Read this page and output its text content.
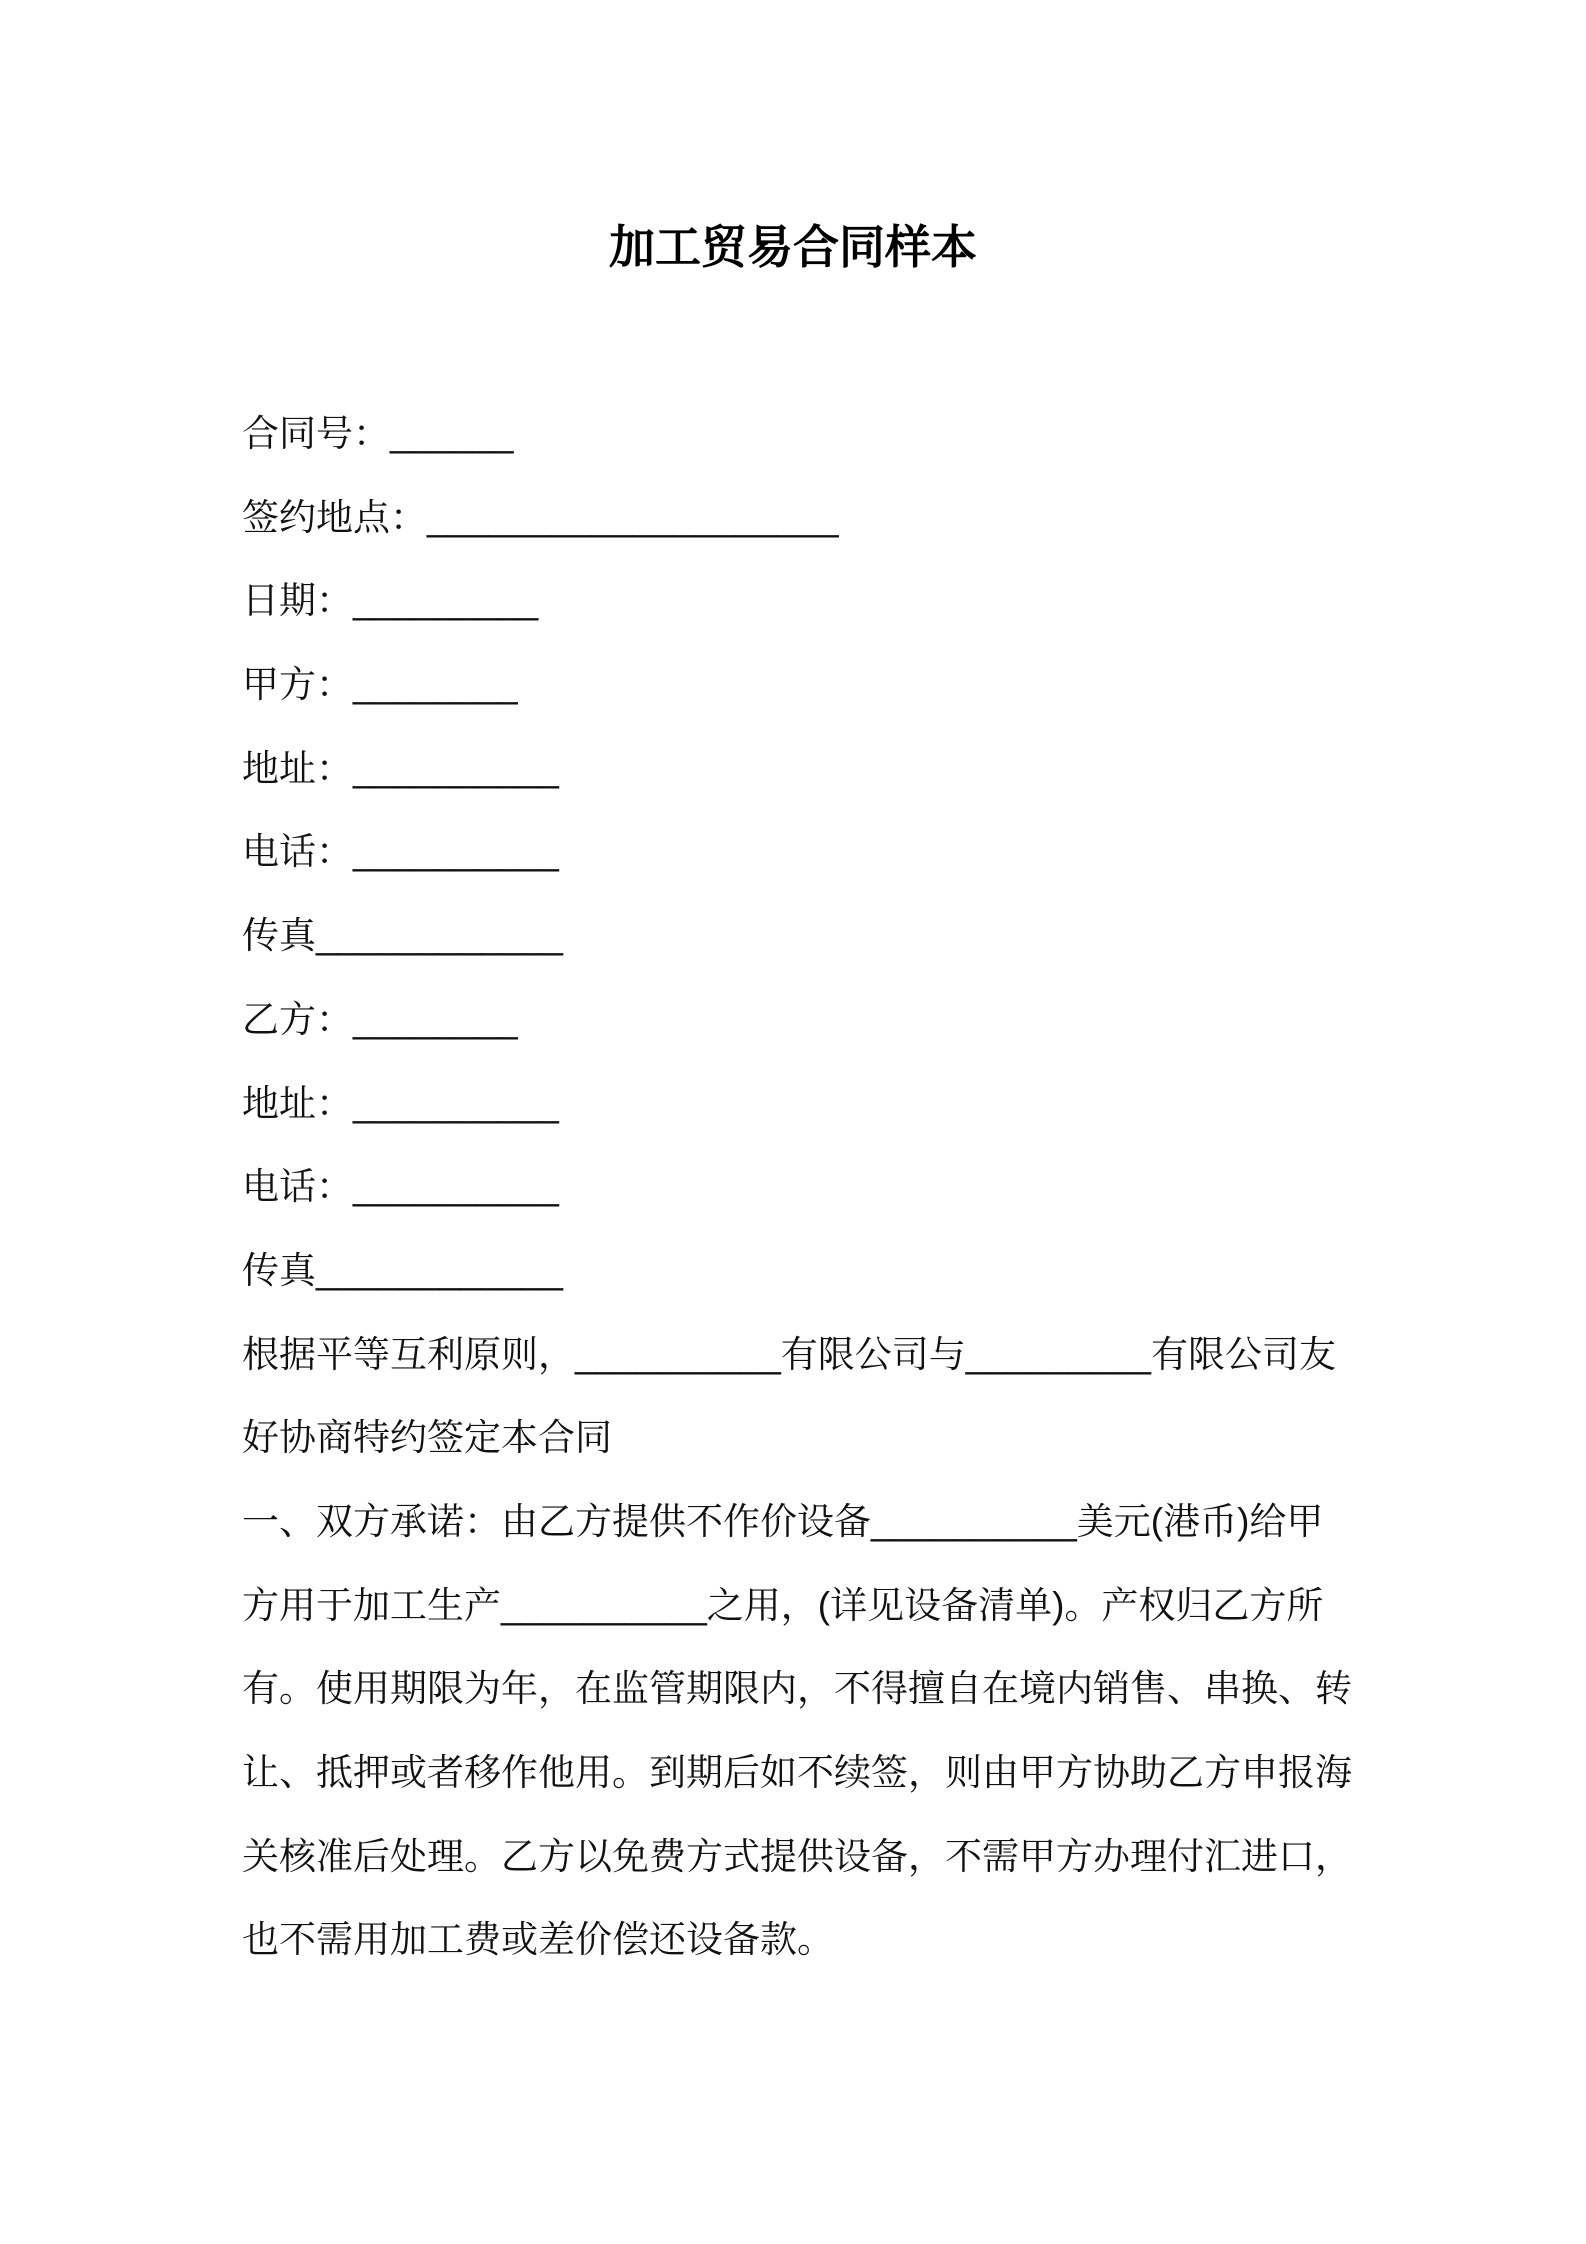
加工贸易合同样本
合同号：______
签约地点：____________________
日期：_________
甲方：________
地址：__________
电话：__________
传真____________
乙方：________
地址：__________
电话：__________
传真____________
根据平等互利原则，__________有限公司与_________有限公司友
好协商特约签定本合同
一、双方承诺：由乙方提供不作价设备__________美元(港币)给甲
方用于加工生产__________之用，(详见设备清单)。产权归乙方所
有。使用期限为年，在监管期限内，不得擅自在境内销售、串换、转
让、抵押或者移作他用。到期后如不续签，则由甲方协助乙方申报海
关核准后处理。乙方以免费方式提供设备，不需甲方办理付汇进口，
也不需用加工费或差价偿还设备款。
